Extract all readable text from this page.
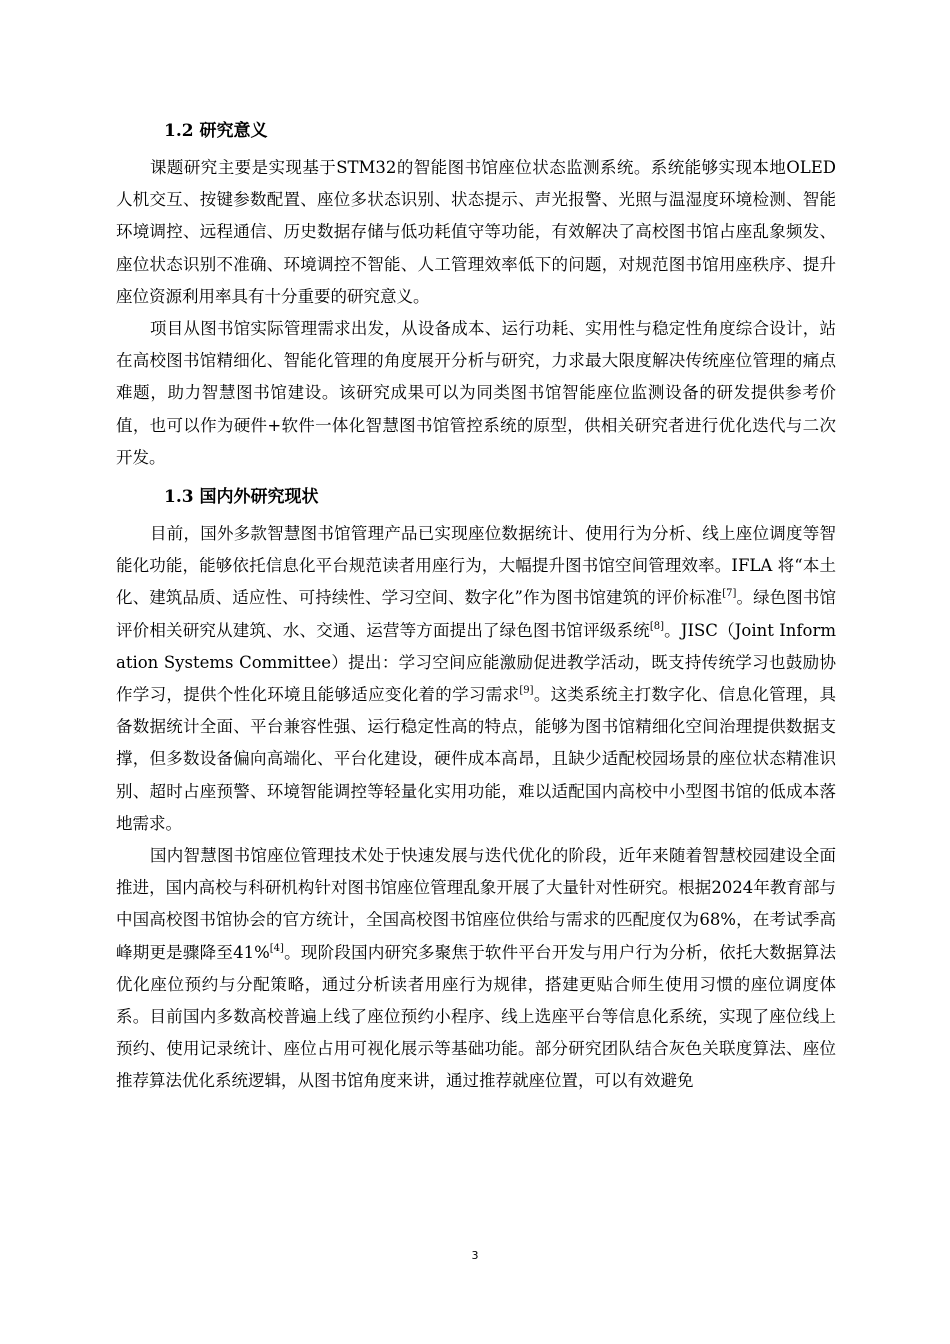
1.2 研究意义

课题研究主要是实现基于STM32的智能图书馆座位状态监测系统。系统能够实现本地OLED人机交互、按键参数配置、座位多状态识别、状态提示、声光报警、光照与温湿度环境检测、智能环境调控、远程通信、历史数据存储与低功耗值守等功能，有效解决了高校图书馆占座乱象频发、座位状态识别不准确、环境调控不智能、人工管理效率低下的问题，对规范图书馆用座秩序、提升座位资源利用率具有十分重要的研究意义。

项目从图书馆实际管理需求出发，从设备成本、运行功耗、实用性与稳定性角度综合设计，站在高校图书馆精细化、智能化管理的角度展开分析与研究，力求最大限度解决传统座位管理的痛点难题，助力智慧图书馆建设。该研究成果可以为同类图书馆智能座位监测设备的研发提供参考价值，也可以作为硬件+软件一体化智慧图书馆管控系统的原型，供相关研究者进行优化迭代与二次开发。

1.3 国内外研究现状

目前，国外多款智慧图书馆管理产品已实现座位数据统计、使用行为分析、线上座位调度等智能化功能，能够依托信息化平台规范读者用座行为，大幅提升图书馆空间管理效率。IFLA 将“本土化、建筑品质、适应性、可持续性、学习空间、数字化”作为图书馆建筑的评价标准[7]。绿色图书馆评价相关研究从建筑、水、交通、运营等方面提出了绿色图书馆评级系统[8]。JISC（Joint Information Systems Committee）提出：学习空间应能激励促进教学活动，既支持传统学习也鼓励协作学习，提供个性化环境且能够适应变化着的学习需求[9]。这类系统主打数字化、信息化管理，具备数据统计全面、平台兼容性强、运行稳定性高的特点，能够为图书馆精细化空间治理提供数据支撑，但多数设备偏向高端化、平台化建设，硬件成本高昂，且缺少适配校园场景的座位状态精准识别、超时占座预警、环境智能调控等轻量化实用功能，难以适配国内高校中小型图书馆的低成本落地需求。

国内智慧图书馆座位管理技术处于快速发展与迭代优化的阶段，近年来随着智慧校园建设全面推进，国内高校与科研机构针对图书馆座位管理乱象开展了大量针对性研究。根据2024年教育部与中国高校图书馆协会的官方统计，全国高校图书馆座位供给与需求的匹配度仅为68%，在考试季高峰期更是骤降至41%[4]。现阶段国内研究多聚焦于软件平台开发与用户行为分析，依托大数据算法优化座位预约与分配策略，通过分析读者用座行为规律，搭建更贴合师生使用习惯的座位调度体系。目前国内多数高校普遍上线了座位预约小程序、线上选座平台等信息化系统，实现了座位线上预约、使用记录统计、座位占用可视化展示等基础功能。部分研究团队结合灰色关联度算法、座位推荐算法优化系统逻辑，从图书馆角度来讲，通过推荐就座位置，可以有效避免

3
